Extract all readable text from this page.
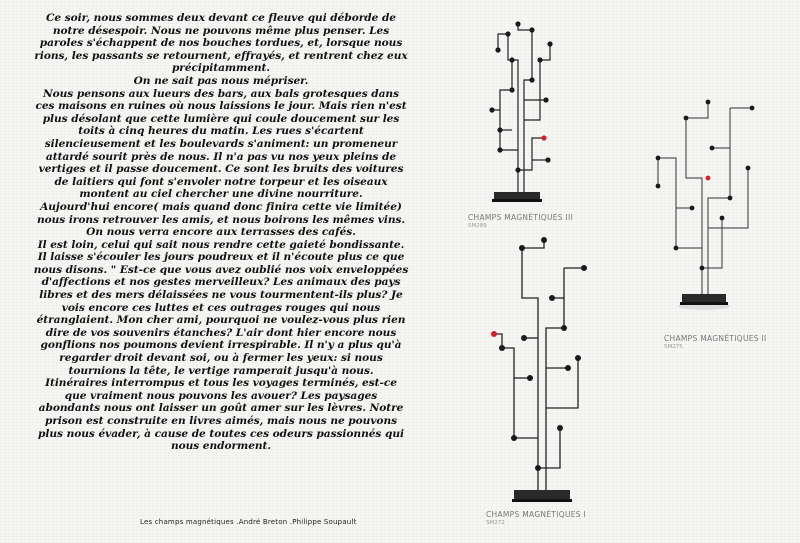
Ce soir, nous sommes deux devant ce fleuve qui déborde de
notre désespoir. Nous ne pouvons même plus penser. Les
paroles s'échappent de nos bouches tordues, et, lorsque nous
rions, les passants se retournent, effrayés, et rentrent chez eux
précipitamment.
On ne sait pas nous mépriser.
Nous pensons aux lueurs des bars, aux bals grotesques dans
ces maisons en ruines où nous laissions le jour. Mais rien n'est
plus désolant que cette lumière qui coule doucement sur les
toits à cinq heures du matin. Les rues s'écartent
silencieusement et les boulevards s'animent: un promeneur
attardé sourit près de nous. Il n'a pas vu nos yeux pleins de
vertiges et il passe doucement. Ce sont les bruits des voitures
de laitiers qui font s'envoler notre torpeur et les oiseaux
montent au ciel chercher une divine nourriture.
Aujourd'hui encore( mais quand donc finira cette vie limitée)
nous irons retrouver les amis, et nous boirons les mêmes vins.
On nous verra encore aux terrasses des cafés.
Il est loin, celui qui sait nous rendre cette gaieté bondissante.
Il laisse s'écouler les jours poudreux et il n'écoute plus ce que
nous disons. " Est-ce que vous avez oublié nos voix enveloppées
d'affections et nos gestes merveilleux? Les animaux des pays
libres et des mers délaissées ne vous tourmentent-ils plus? Je
vois encore ces luttes et ces outrages rouges qui nous
étranglaient. Mon cher ami, pourquoi ne voulez-vous plus rien
dire de vos souvenirs étanches? L'air dont hier encore nous
gonflions nos poumons devient irrespirable. Il n'y a plus qu'à
regarder droit devant soi, ou à fermer les yeux: si nous
tournions la tête, le vertige ramperait jusqu'à nous.
Itinéraires interrompus et tous les voyages terminés, est-ce
que vraiment nous pouvons les avouer? Les paysages
abondants nous ont laisser un goût amer sur les lèvres. Notre
prison est construite en livres aimés, mais nous ne pouvons
plus nous évader, à cause de toutes ces odeurs passionnés qui
nous endorment.
Les champs magnétiques .André Breton .Philippe Soupault
CHAMPS MAGNÉTIQUES III
SM289
CHAMPS MAGNÉTIQUES II
SM275
CHAMPS MAGNÉTIQUES I
SM272
